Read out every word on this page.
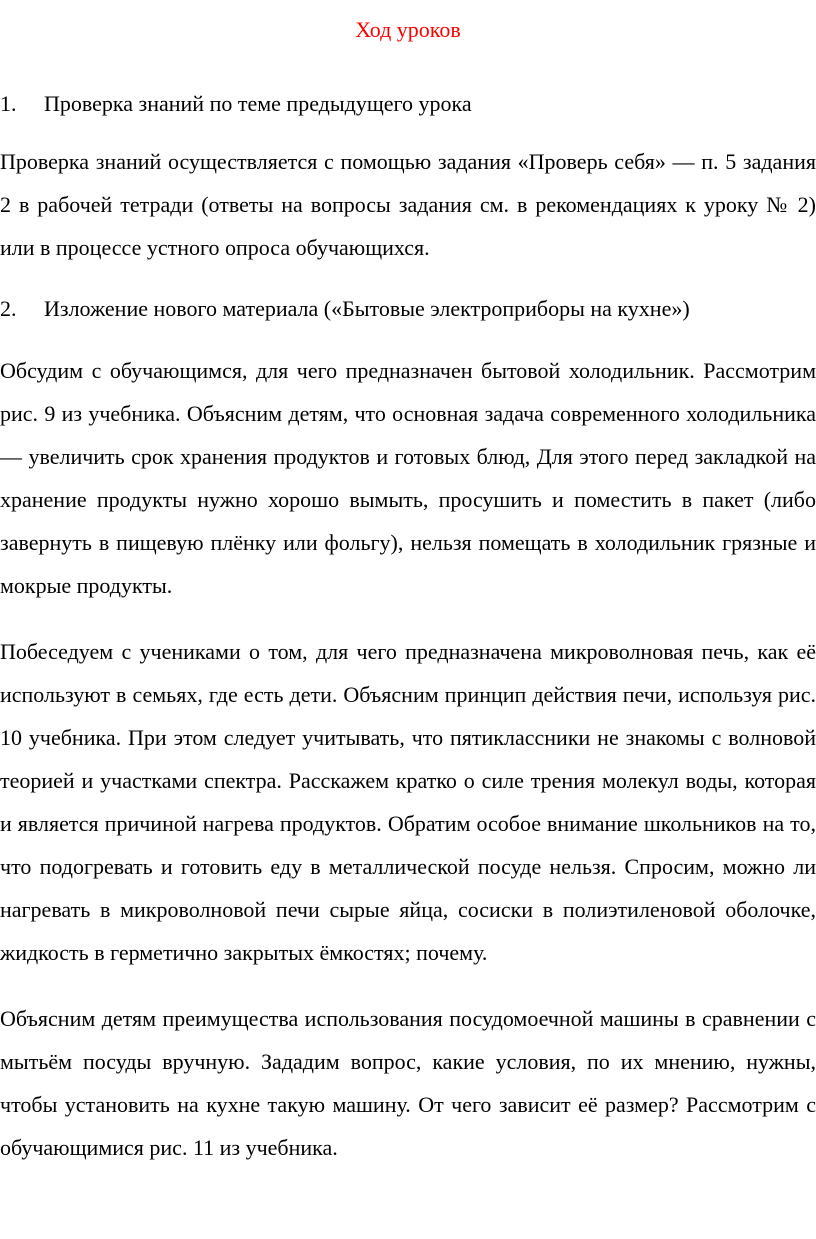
Ход уроков
1.	Проверка знаний по теме предыдущего урока

Проверка знаний осуществляется с помощью задания «Проверь себя» — п. 5 задания 2 в рабочей тетради (ответы на вопросы задания см. в рекомендациях к уроку № 2) или в процессе устного опроса обучающихся.

2.	Изложение нового материала («Бытовые электроприборы на кухне»)

Обсудим с обучающимся, для чего предназначен бытовой холодильник. Рассмотрим рис. 9 из учебника. Объясним детям, что основная задача современного холодильника — увеличить срок хранения продуктов и готовых блюд, Для этого перед закладкой на хранение продукты нужно хорошо вымыть, просушить и поместить в пакет (либо завернуть в пищевую плёнку или фольгу), нельзя помещать в холодильник грязные и мокрые продукты.

Побеседуем с учениками о том, для чего предназначена микроволновая печь, как её используют в семьях, где есть дети. Объясним принцип действия печи, используя рис. 10 учебника. При этом следует учитывать, что пятиклассники не знакомы с волновой теорией и участками спектра. Расскажем кратко о силе трения молекул воды, которая и является причиной нагрева продуктов. Обратим особое внимание школьников на то, что подогревать и готовить еду в металлической посуде нельзя. Спросим, можно ли нагревать в микроволновой печи сырые яйца, сосиски в полиэтиленовой оболочке, жидкость в герметично закрытых ёмкостях; почему.

Объясним детям преимущества использования посудомоечной машины в сравнении с мытьём посуды вручную. Зададим вопрос, какие условия, по их мнению, нужны, чтобы установить на кухне такую машину. От чего зависит её размер? Рассмотрим с обучающимися рис. 11 из учебника.
